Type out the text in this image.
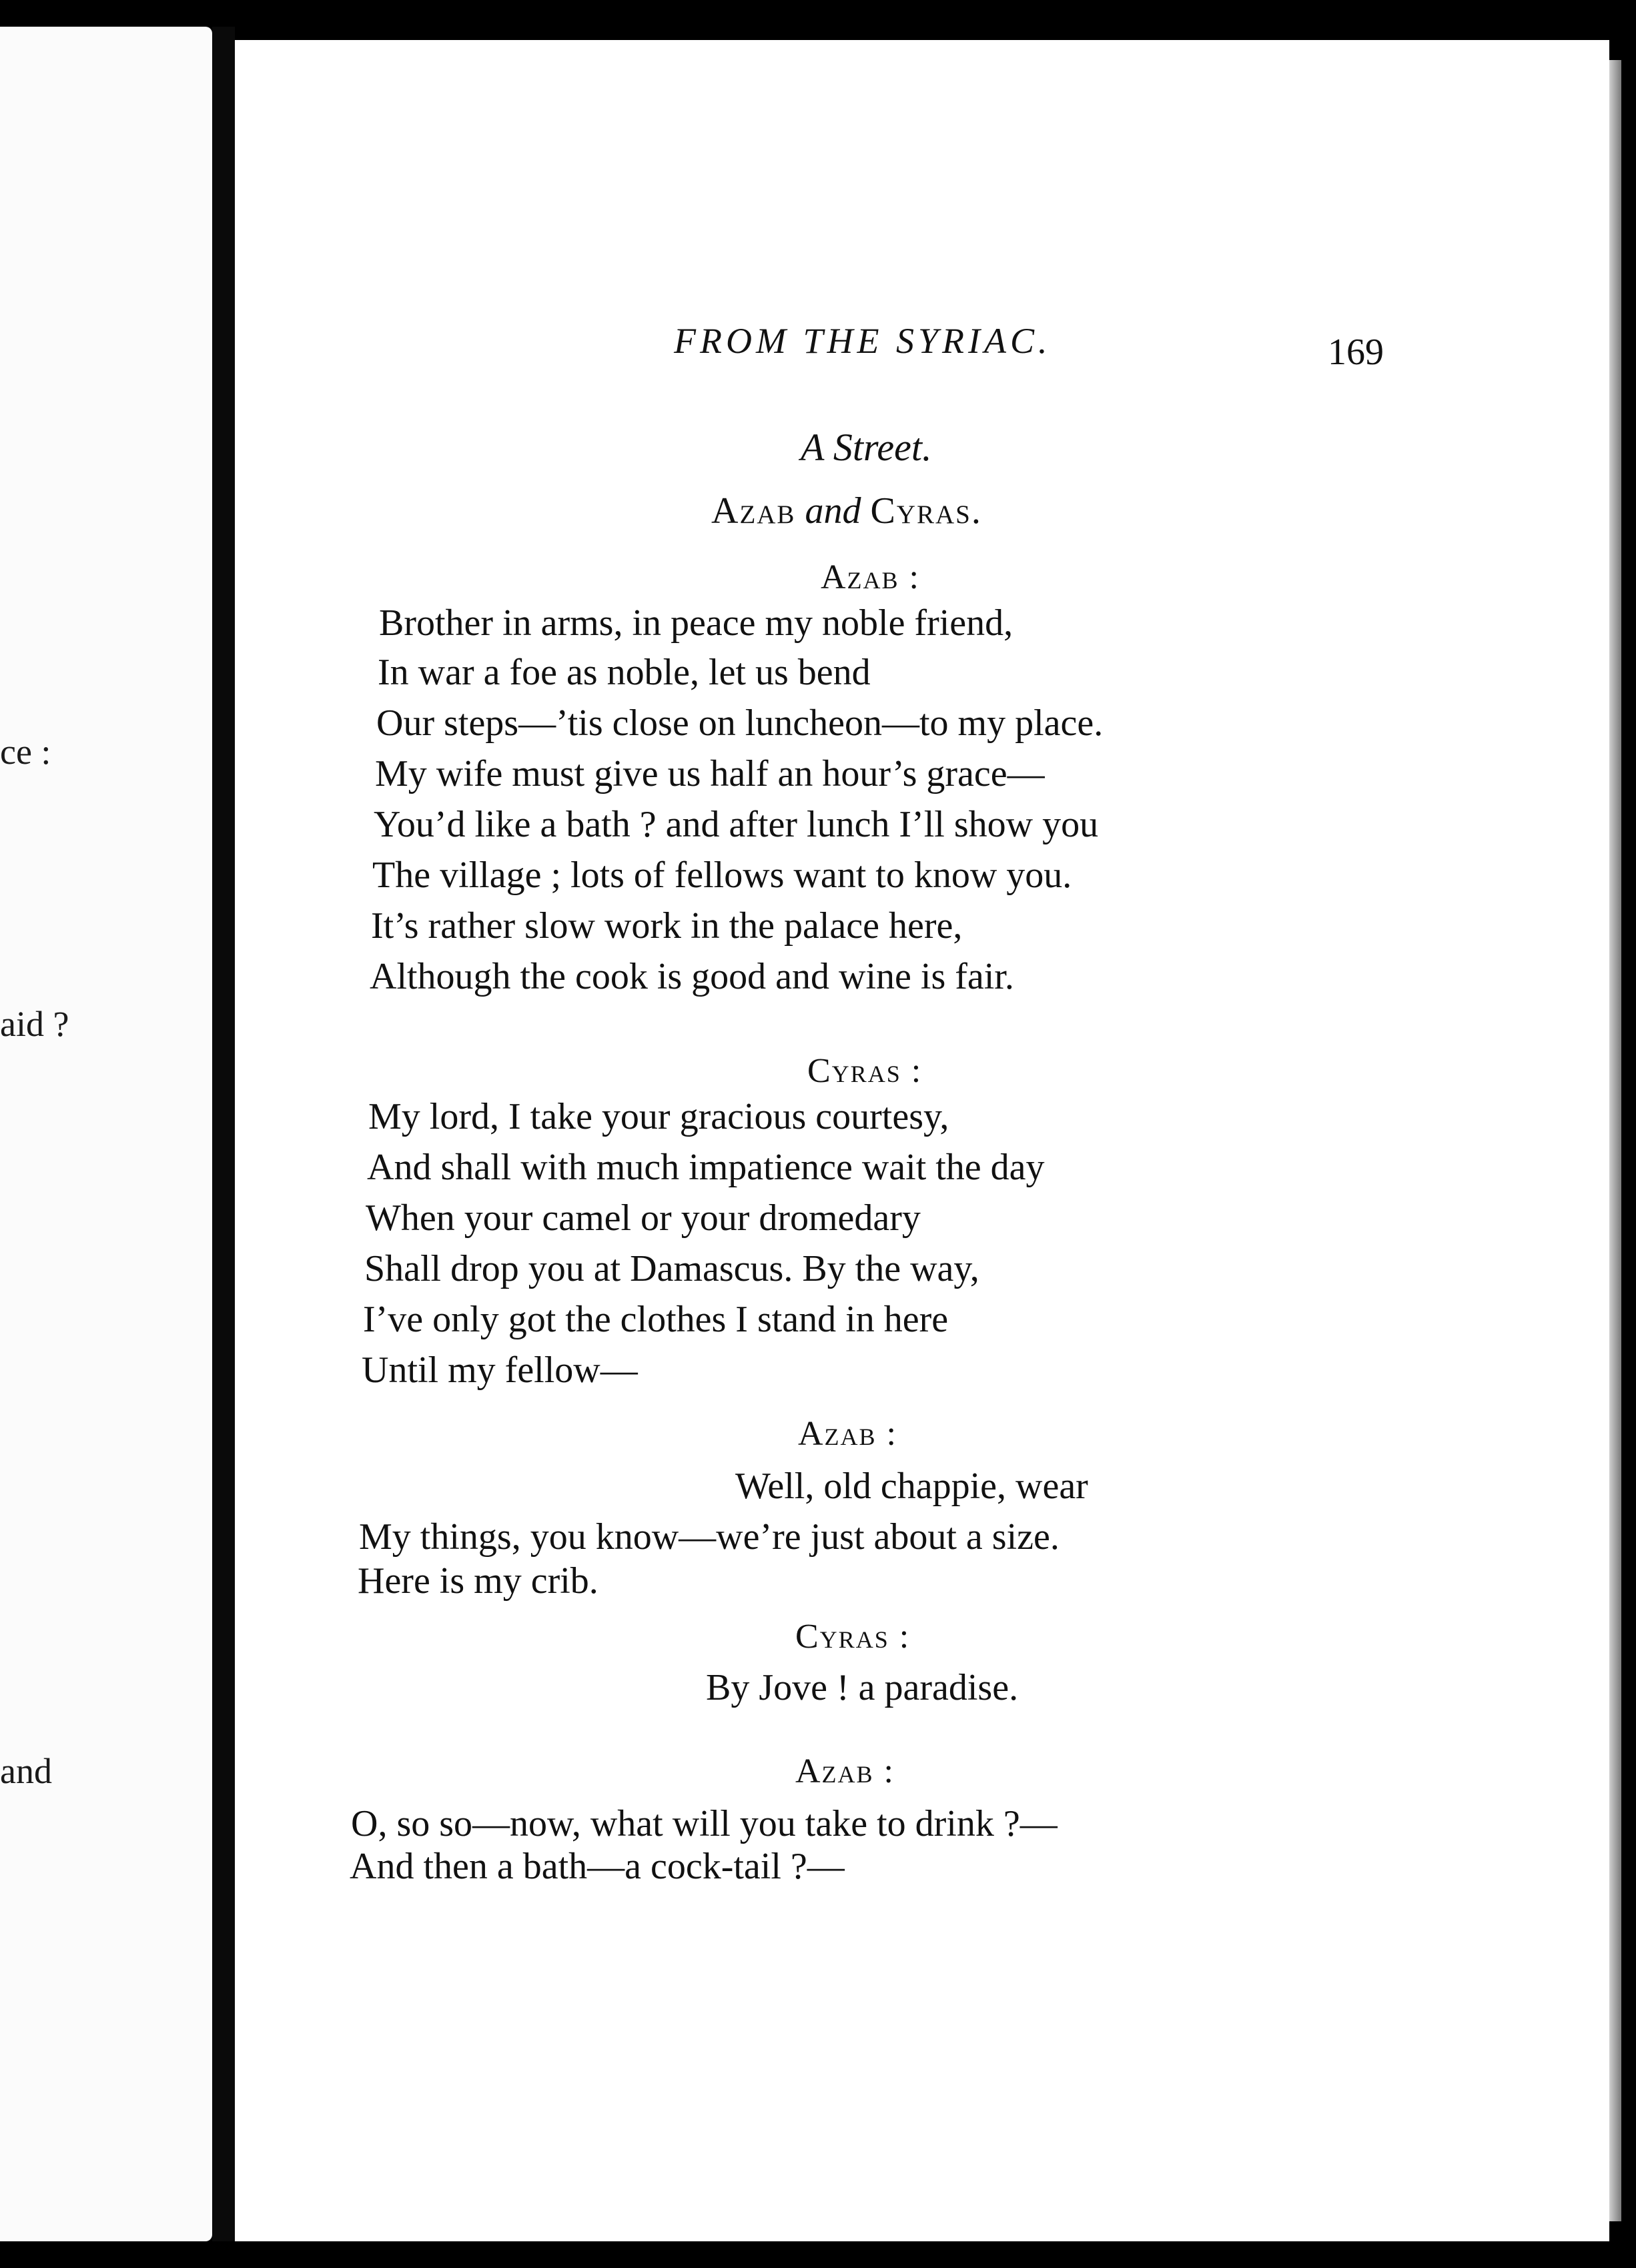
ce :
aid ?
and
FROM THE SYRIAC.	169
A Street.
Azab and Cyras.
Azab :
Brother in arms, in peace my noble friend,
In war a foe as noble, let us bend
Our steps—’tis close on luncheon—to my place.
My wife must give us half an hour’s grace—
You’d like a bath ? and after lunch I’ll show you
The village ; lots of fellows want to know you.
It’s rather slow work in the palace here,
Although the cook is good and wine is fair.
Cyras :
My lord, I take your gracious courtesy,
And shall with much impatience wait the day
When your camel or your dromedary
Shall drop you at Damascus. By the way,
I’ve only got the clothes I stand in here
Until my fellow—
Azab :
Well, old chappie, wear
My things, you know—we’re just about a size.
Here is my crib.
Cyras :
By Jove ! a paradise.
Azab :
O, so so—now, what will you take to drink ?—
And then a bath—a cock-tail ?—
